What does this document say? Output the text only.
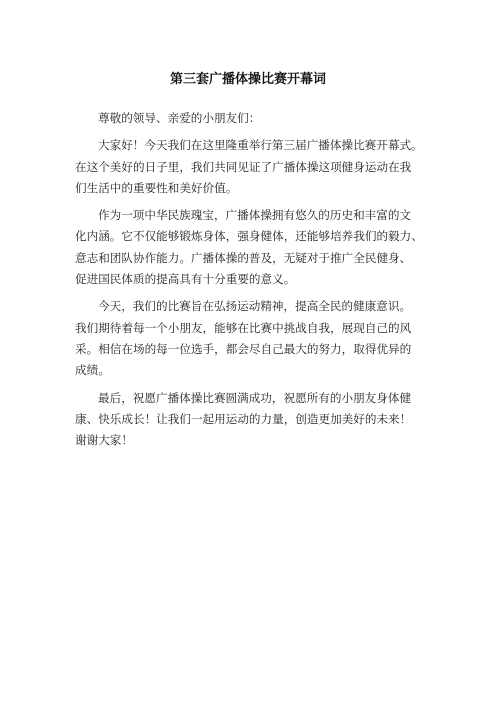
第三套广播体操比赛开幕词
尊敬的领导、亲爱的小朋友们：
大家好！今天我们在这里隆重举行第三届广播体操比赛开幕式。
在这个美好的日子里，我们共同见证了广播体操这项健身运动在我
们生活中的重要性和美好价值。
作为一项中华民族瑰宝，广播体操拥有悠久的历史和丰富的文
化内涵。它不仅能够锻炼身体，强身健体，还能够培养我们的毅力、
意志和团队协作能力。广播体操的普及，无疑对于推广全民健身、
促进国民体质的提高具有十分重要的意义。
今天，我们的比赛旨在弘扬运动精神，提高全民的健康意识。
我们期待着每一个小朋友，能够在比赛中挑战自我，展现自己的风
采。相信在场的每一位选手，都会尽自己最大的努力，取得优异的
成绩。
最后，祝愿广播体操比赛圆满成功，祝愿所有的小朋友身体健
康、快乐成长！让我们一起用运动的力量，创造更加美好的未来！
谢谢大家！
